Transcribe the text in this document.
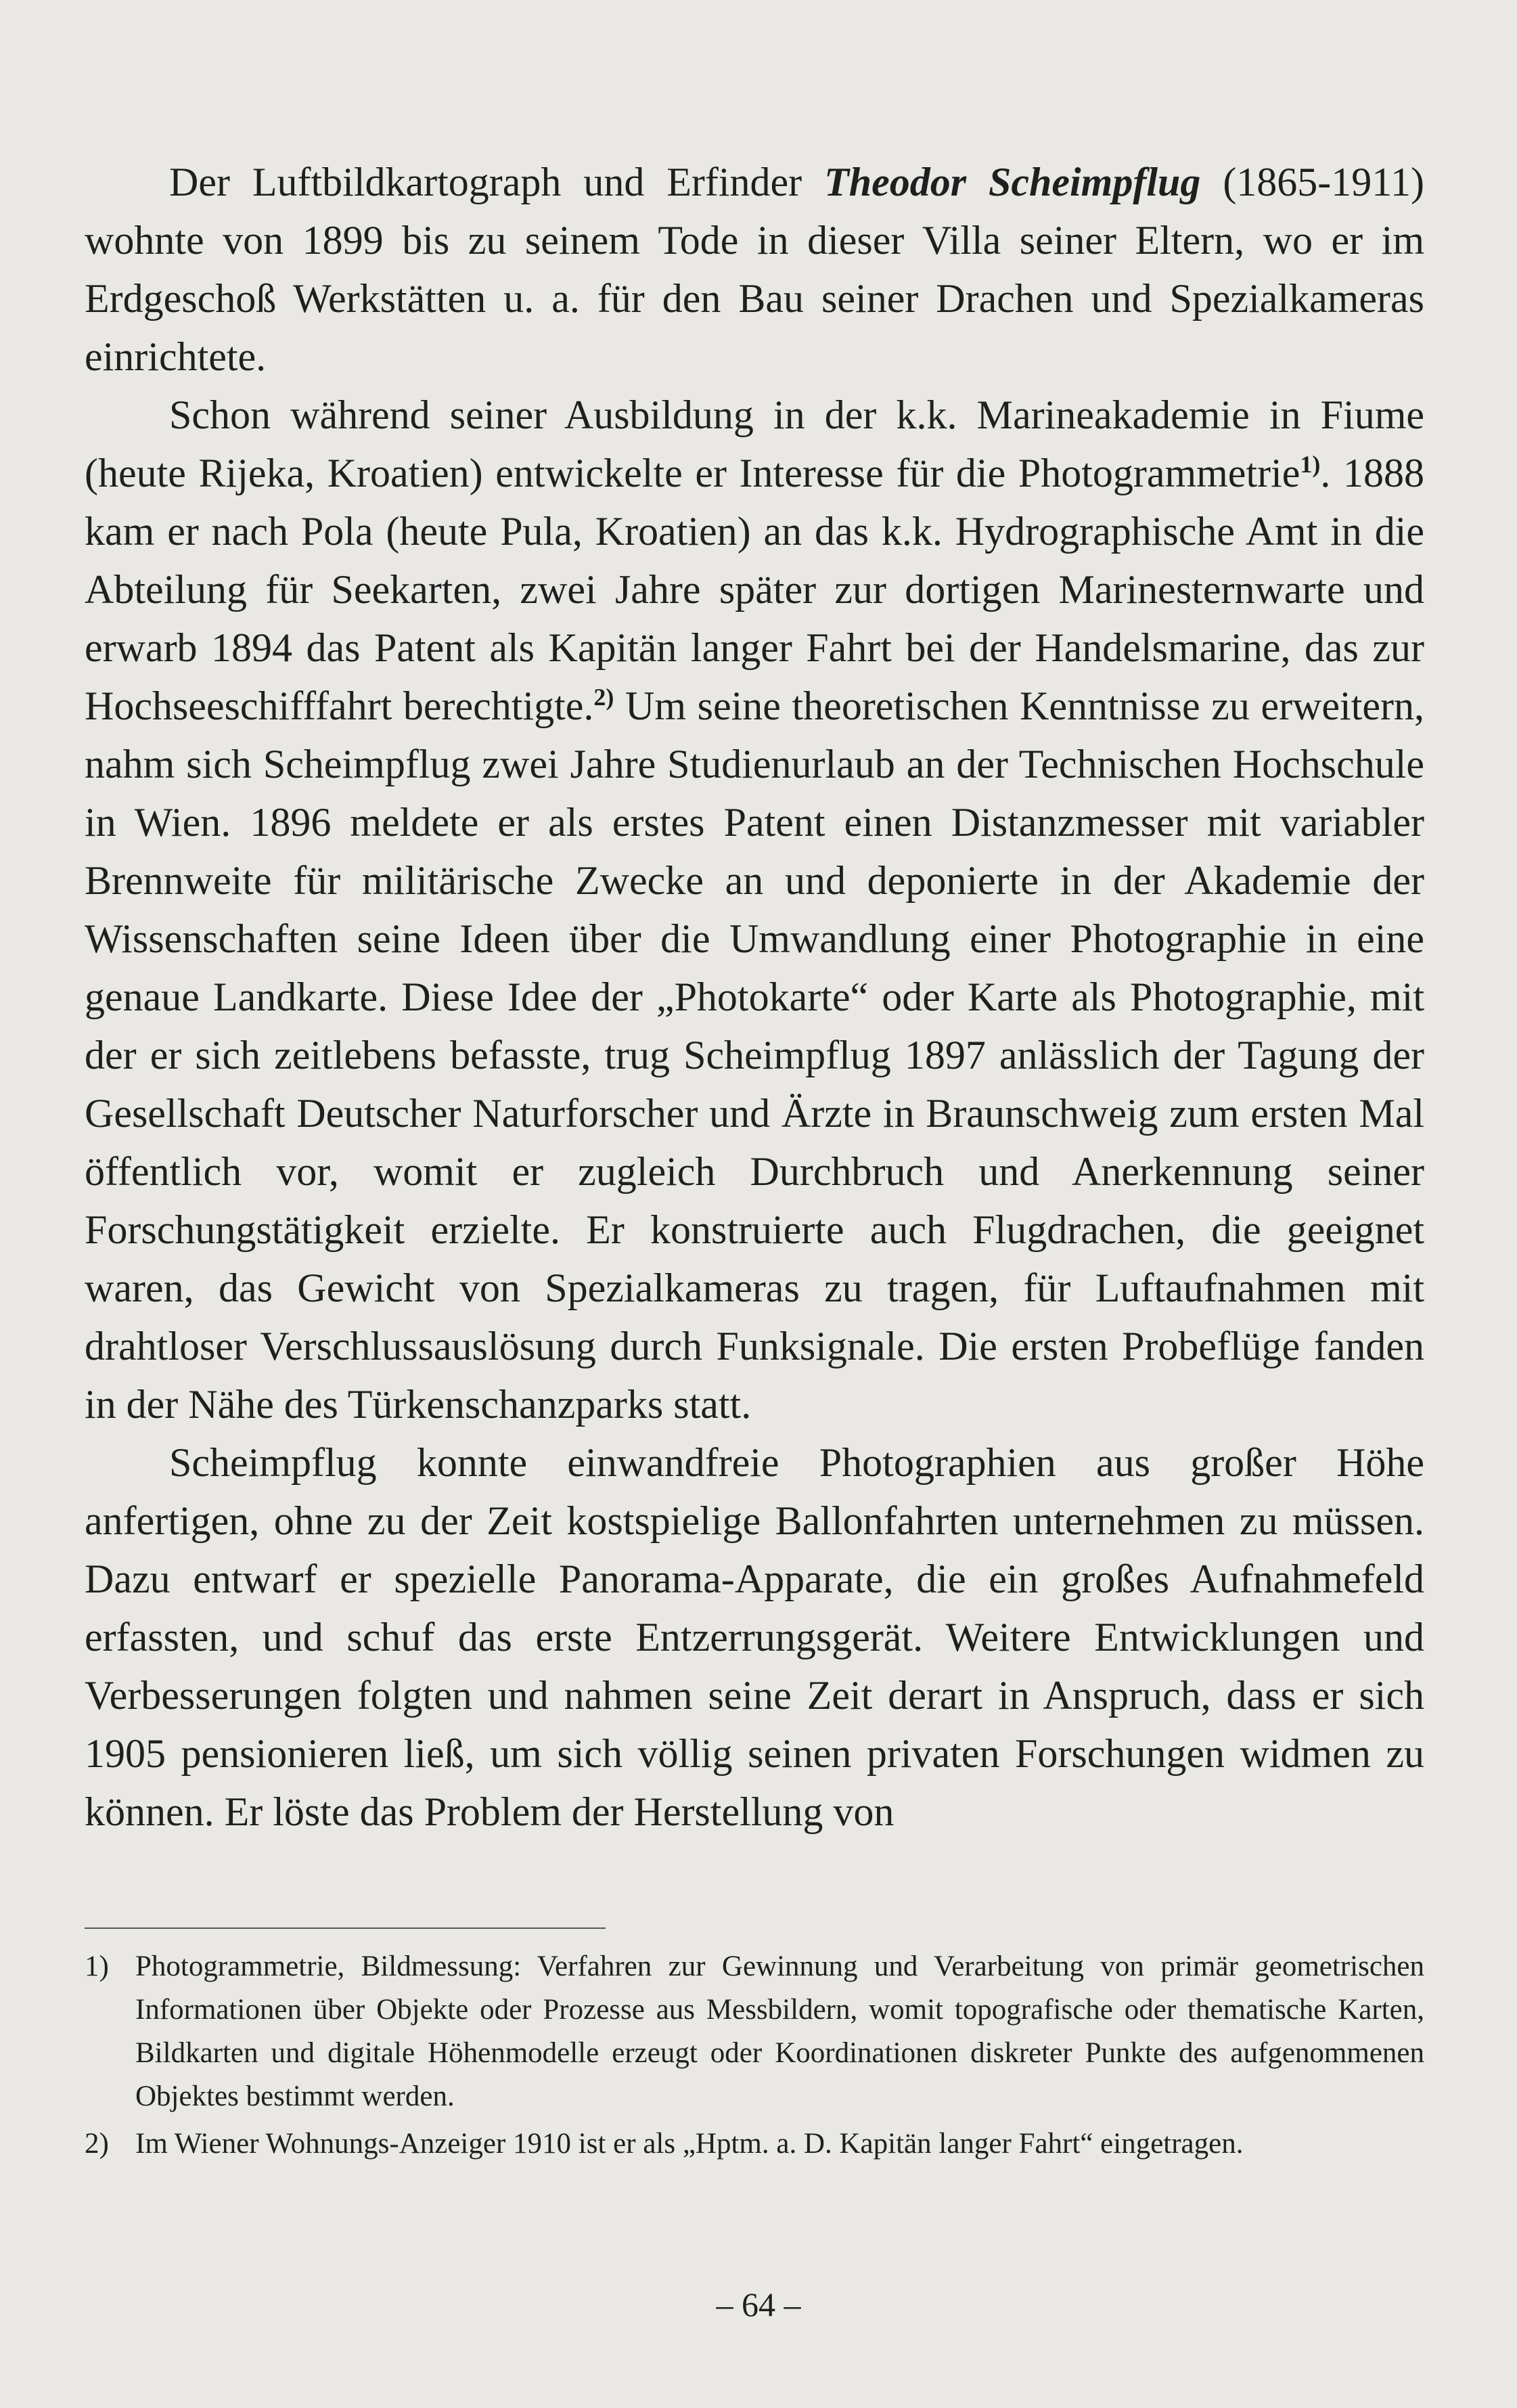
Der Luftbildkartograph und Erfinder Theodor Scheimpflug (1865-1911) wohnte von 1899 bis zu seinem Tode in dieser Villa seiner Eltern, wo er im Erdgeschoß Werkstätten u. a. für den Bau seiner Drachen und Spezialkameras einrichtete.

Schon während seiner Ausbildung in der k.k. Marineakademie in Fiume (heute Rijeka, Kroatien) entwickelte er Interesse für die Photogrammetrie$^{1)}$. 1888 kam er nach Pola (heute Pula, Kroatien) an das k.k. Hydrographische Amt in die Abteilung für Seekarten, zwei Jahre später zur dortigen Marinesternwarte und erwarb 1894 das Patent als Kapitän langer Fahrt bei der Handelsmarine, das zur Hochseeschifffahrt berechtigte.$^{2)}$ Um seine theoretischen Kenntnisse zu erweitern, nahm sich Scheimpflug zwei Jahre Studienurlaub an der Technischen Hochschule in Wien. 1896 meldete er als erstes Patent einen Distanzmesser mit variabler Brennweite für militärische Zwecke an und deponierte in der Akademie der Wissenschaften seine Ideen über die Umwandlung einer Photographie in eine genaue Landkarte. Diese Idee der „Photokarte“ oder Karte als Photographie, mit der er sich zeitlebens befasste, trug Scheimpflug 1897 anlässlich der Tagung der Gesellschaft Deutscher Naturforscher und Ärzte in Braunschweig zum ersten Mal öffentlich vor, womit er zugleich Durchbruch und Anerkennung seiner Forschungstätigkeit erzielte. Er konstruierte auch Flugdrachen, die geeignet waren, das Gewicht von Spezialkameras zu tragen, für Luftaufnahmen mit drahtloser Verschlussauslösung durch Funksignale. Die ersten Probeflüge fanden in der Nähe des Türkenschanzparks statt.

Scheimpflug konnte einwandfreie Photographien aus großer Höhe anfertigen, ohne zu der Zeit kostspielige Ballonfahrten unternehmen zu müssen. Dazu entwarf er spezielle Panorama-Apparate, die ein großes Aufnahmefeld erfassten, und schuf das erste Entzerrungsgerät. Weitere Entwicklungen und Verbesserungen folgten und nahmen seine Zeit derart in Anspruch, dass er sich 1905 pensionieren ließ, um sich völlig seinen privaten Forschungen widmen zu können. Er löste das Problem der Herstellung von

1) Photogrammetrie, Bildmessung: Verfahren zur Gewinnung und Verarbeitung von primär geometrischen Informationen über Objekte oder Prozesse aus Messbildern, womit topografische oder thematische Karten, Bildkarten und digitale Höhenmodelle erzeugt oder Koordinationen diskreter Punkte des aufgenommenen Objektes bestimmt werden.
2) Im Wiener Wohnungs-Anzeiger 1910 ist er als „Hptm. a. D. Kapitän langer Fahrt“ eingetragen.
– 64 –
